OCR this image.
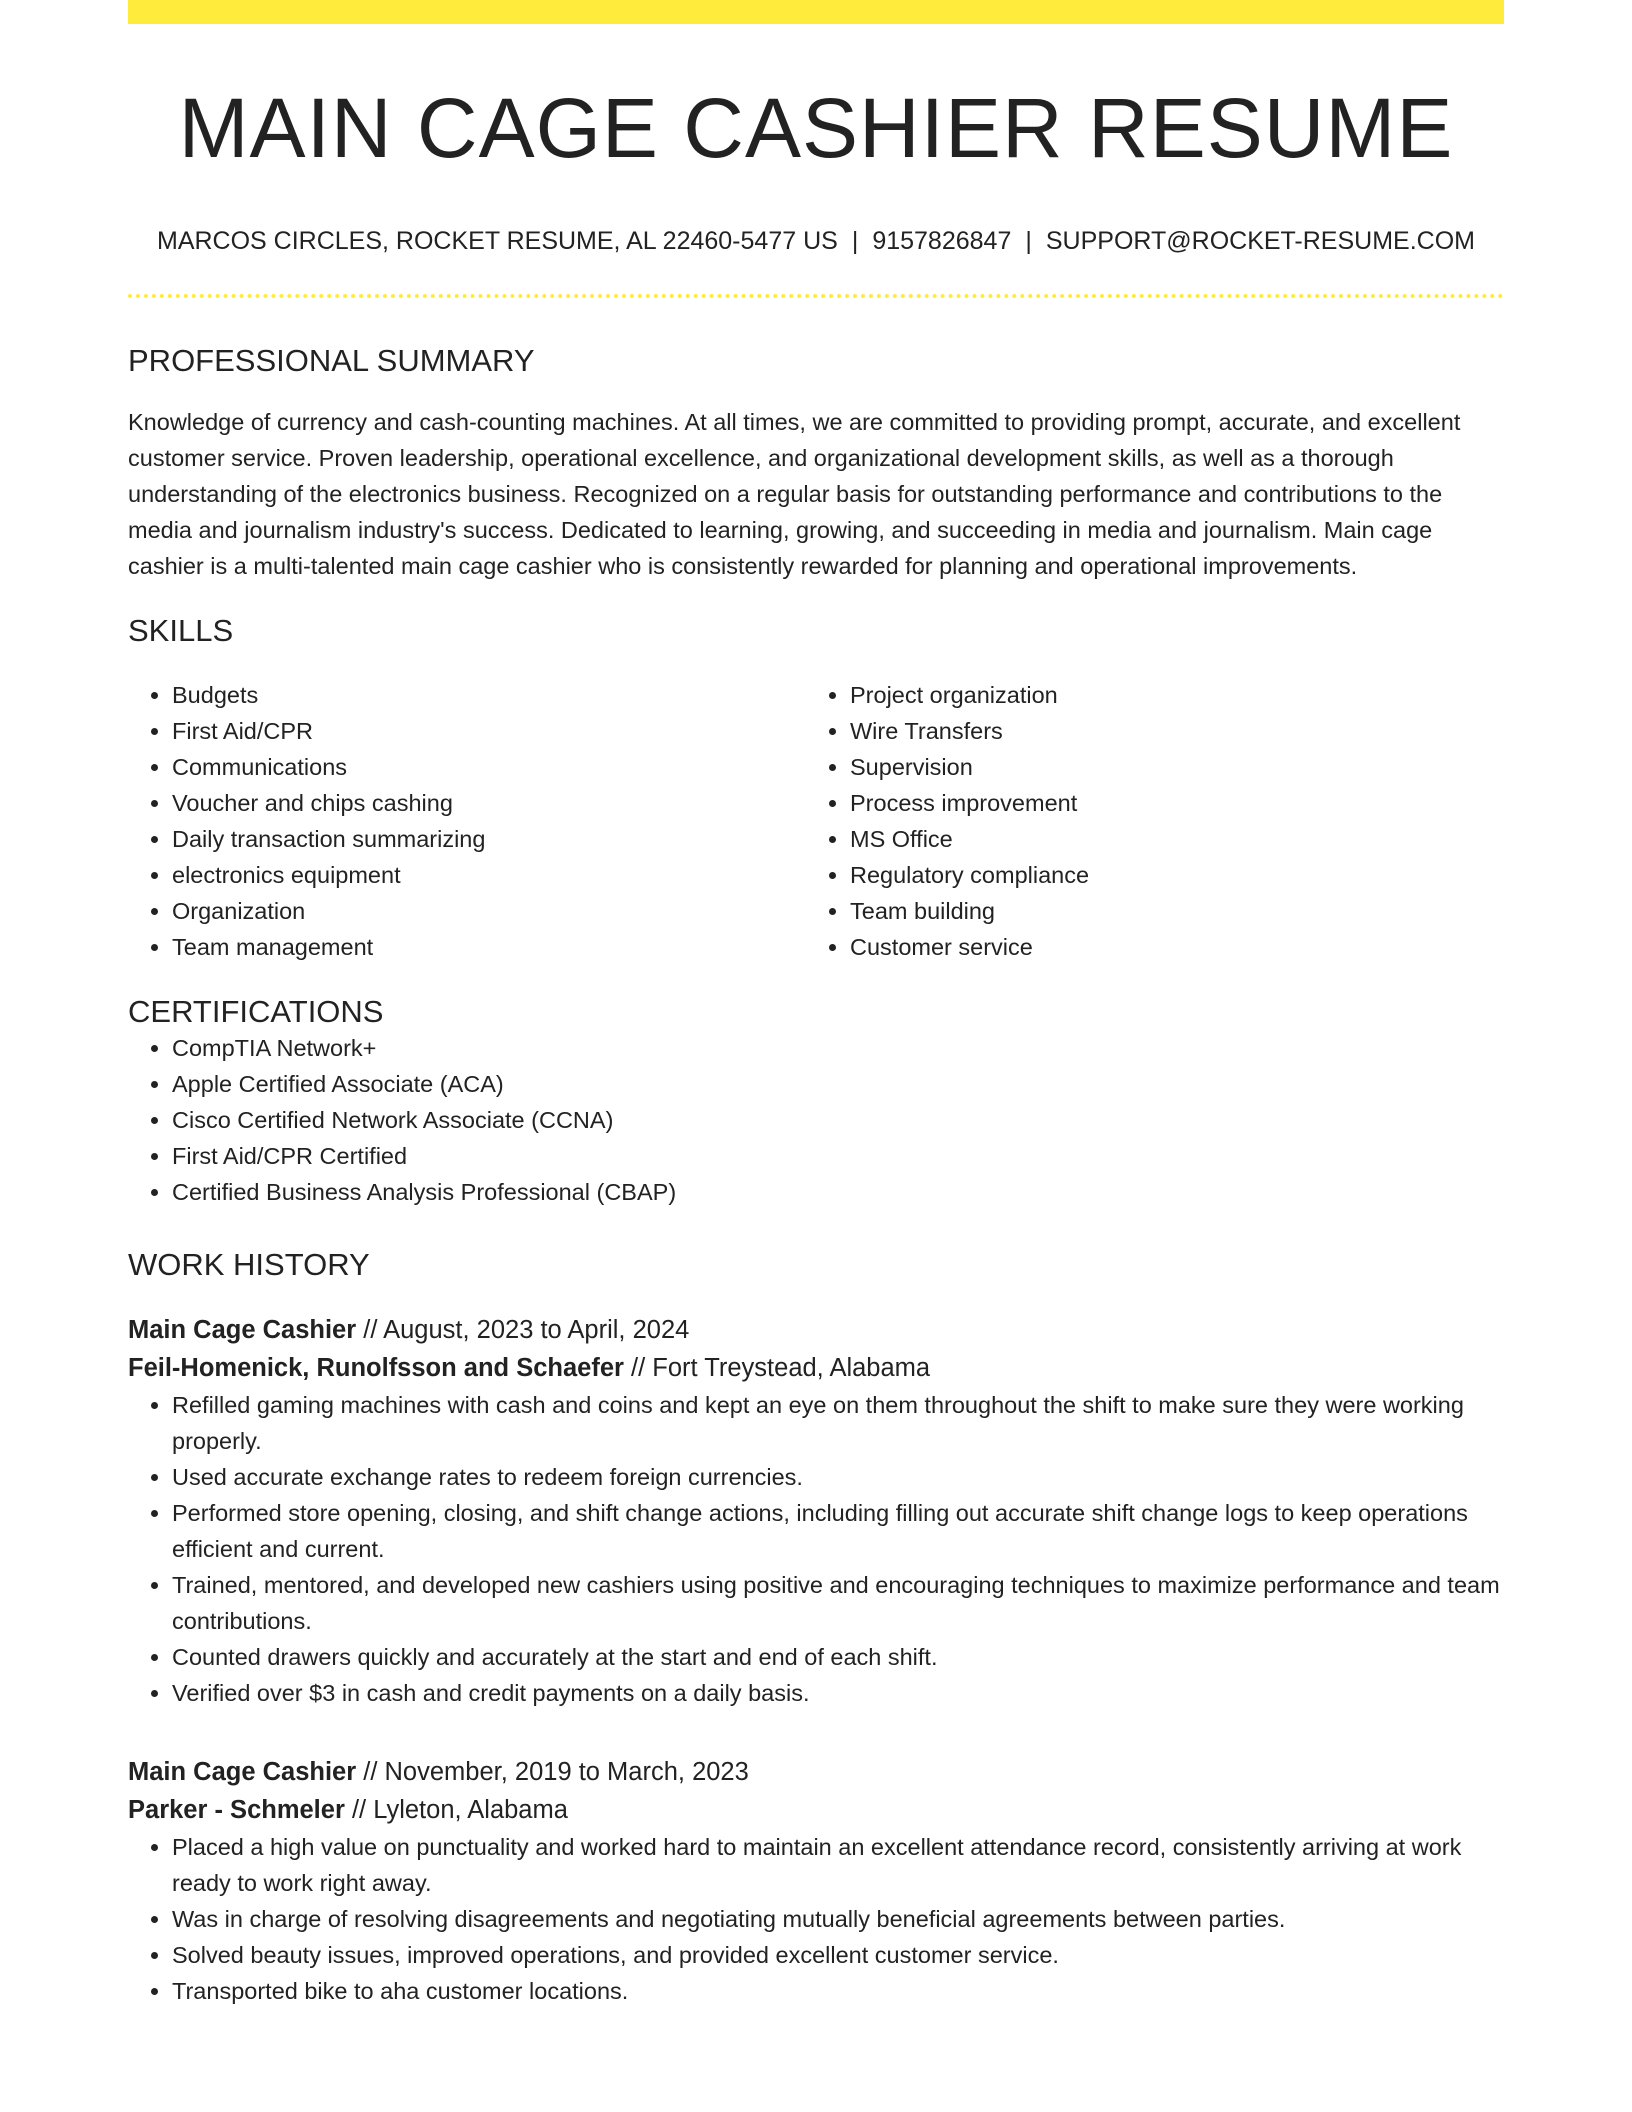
MAIN CAGE CASHIER RESUME
MARCOS CIRCLES, ROCKET RESUME, AL 22460-5477 US | 9157826847 | SUPPORT@ROCKET-RESUME.COM
PROFESSIONAL SUMMARY
Knowledge of currency and cash-counting machines. At all times, we are committed to providing prompt, accurate, and excellent customer service. Proven leadership, operational excellence, and organizational development skills, as well as a thorough understanding of the electronics business. Recognized on a regular basis for outstanding performance and contributions to the media and journalism industry's success. Dedicated to learning, growing, and succeeding in media and journalism. Main cage cashier is a multi-talented main cage cashier who is consistently rewarded for planning and operational improvements.
SKILLS
• Budgets
• First Aid/CPR
• Communications
• Voucher and chips cashing
• Daily transaction summarizing
• electronics equipment
• Organization
• Team management
• Project organization
• Wire Transfers
• Supervision
• Process improvement
• MS Office
• Regulatory compliance
• Team building
• Customer service
CERTIFICATIONS
• CompTIA Network+
• Apple Certified Associate (ACA)
• Cisco Certified Network Associate (CCNA)
• First Aid/CPR Certified
• Certified Business Analysis Professional (CBAP)
WORK HISTORY
Main Cage Cashier // August, 2023 to April, 2024
Feil-Homenick, Runolfsson and Schaefer // Fort Treystead, Alabama
• Refilled gaming machines with cash and coins and kept an eye on them throughout the shift to make sure they were working properly.
• Used accurate exchange rates to redeem foreign currencies.
• Performed store opening, closing, and shift change actions, including filling out accurate shift change logs to keep operations efficient and current.
• Trained, mentored, and developed new cashiers using positive and encouraging techniques to maximize performance and team contributions.
• Counted drawers quickly and accurately at the start and end of each shift.
• Verified over $3 in cash and credit payments on a daily basis.
Main Cage Cashier // November, 2019 to March, 2023
Parker - Schmeler // Lyleton, Alabama
• Placed a high value on punctuality and worked hard to maintain an excellent attendance record, consistently arriving at work ready to work right away.
• Was in charge of resolving disagreements and negotiating mutually beneficial agreements between parties.
• Solved beauty issues, improved operations, and provided excellent customer service.
• Transported bike to aha customer locations.
